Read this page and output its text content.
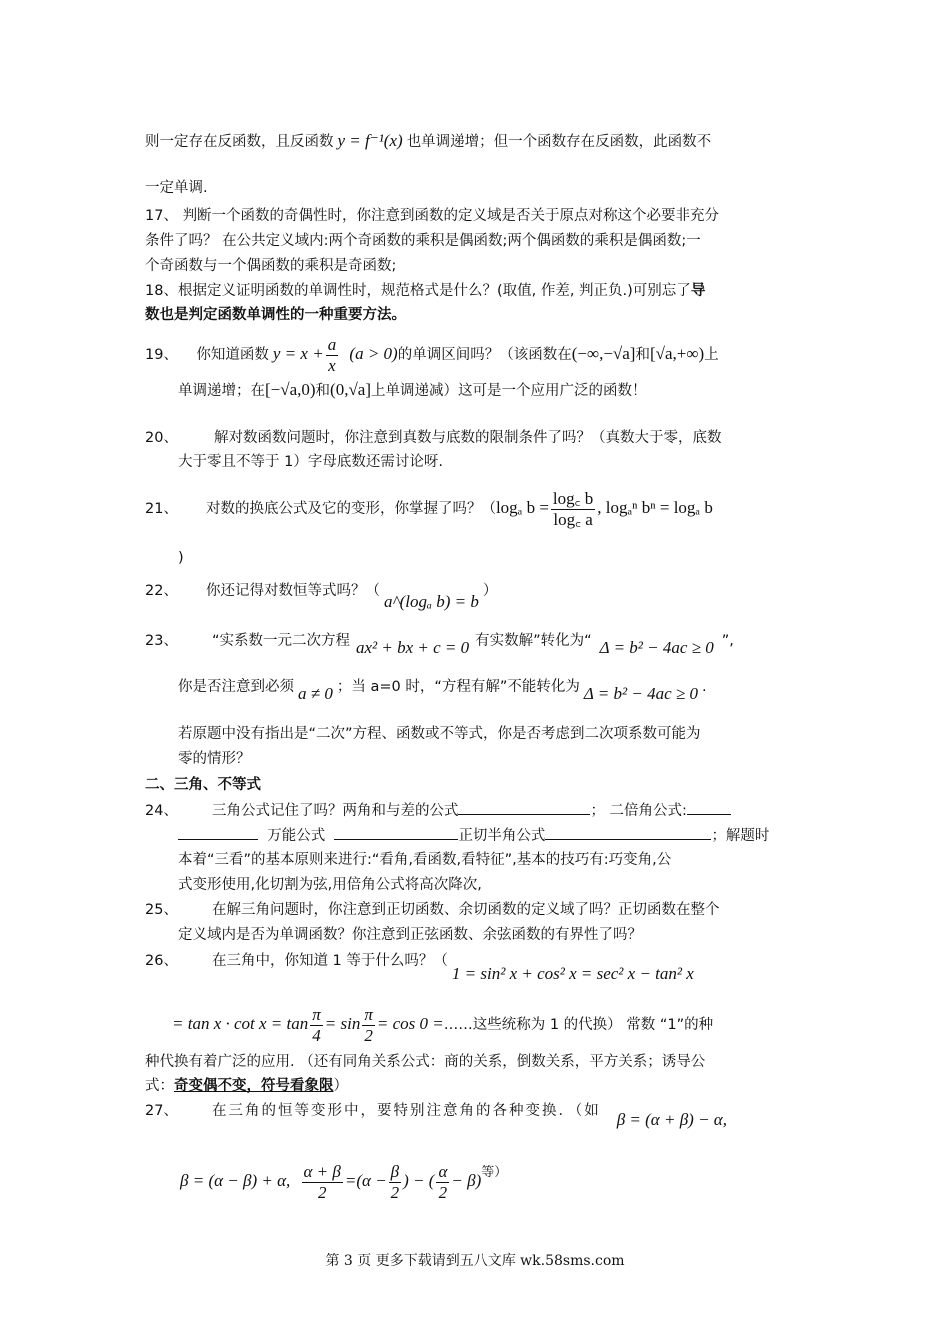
则一定存在反函数，且反函数 y = f⁻¹(x) 也单调递增；但一个函数存在反函数，此函数不
一定单调.
17、 判断一个函数的奇偶性时，你注意到函数的定义域是否关于原点对称这个必要非充分
条件了吗？ 在公共定义域内:两个奇函数的乘积是偶函数;两个偶函数的乘积是偶函数;一
个奇函数与一个偶函数的乘积是奇函数;
18、根据定义证明函数的单调性时，规范格式是什么？(取值, 作差, 判正负.)可别忘了导
数也是判定函数单调性的一种重要方法。
19、 你知道函数 $y = x + \frac{a}{x} (a > 0)$的单调区间吗？（该函数在(−∞,−√a]和[√a,+∞)上
单调递增；在[−√a,0)和(0,√a]上单调递减）这可是一个应用广泛的函数！
20、 解对数函数问题时，你注意到真数与底数的限制条件了吗？（真数大于零，底数
大于零且不等于 1）字母底数还需讨论呀.
21、 对数的换底公式及它的变形，你掌握了吗？（logₐ $b = \frac{\log꜀ b}{\log꜀ a}$ , logₐⁿ bⁿ = logₐ b
)
22、 你还记得对数恒等式吗？（a^(logₐ b) = b）
23、 “实系数一元二次方程 ax² + bx + c = 0 有实数解”转化为“ Δ = b² − 4ac ≥ 0 ”,
你是否注意到必须 a ≠ 0 ；当 a=0 时，“方程有解”不能转化为 Δ = b² − 4ac ≥ 0 .
若原题中没有指出是“二次”方程、函数或不等式，你是否考虑到二次项系数可能为
零的情形？
二、三角、不等式
24、 三角公式记住了吗？两角和与差的公式	； 二倍角公式:
万能公式	正切半角公式	；解题时
本着“三看”的基本原则来进行:“看角,看函数,看特征”,基本的技巧有:巧变角,公
式变形使用,化切割为弦,用倍角公式将高次降次,
25、 在解三角问题时，你注意到正切函数、余切函数的定义域了吗？正切函数在整个
定义域内是否为单调函数？你注意到正弦函数、余弦函数的有界性了吗？
26、 在三角中，你知道 1 等于什么吗？（1 = sin² x + cos² x = sec² x − tan² x
= $\tan x \cdot \cot x = \tan \frac{\pi}{4} = \sin \frac{\pi}{2} = \cos 0$ =……这些统称为 1 的代换） 常数 “1”的种
种代换有着广泛的应用. （还有同角关系公式：商的关系，倒数关系，平方关系；诱导公
式：奇变偶不变，符号看象限）
27、 在三角的恒等变形中，要特别注意角的各种变换．（如 β = (α + β) − α,
β = (α − β) + α, $\frac{\alpha + \beta}{2} =(\alpha - \frac{\beta}{2}$ ) − ( $\frac{\alpha}{2} - \beta$)等）
第 3 页 更多下载请到五八文库 wk.58sms.com
